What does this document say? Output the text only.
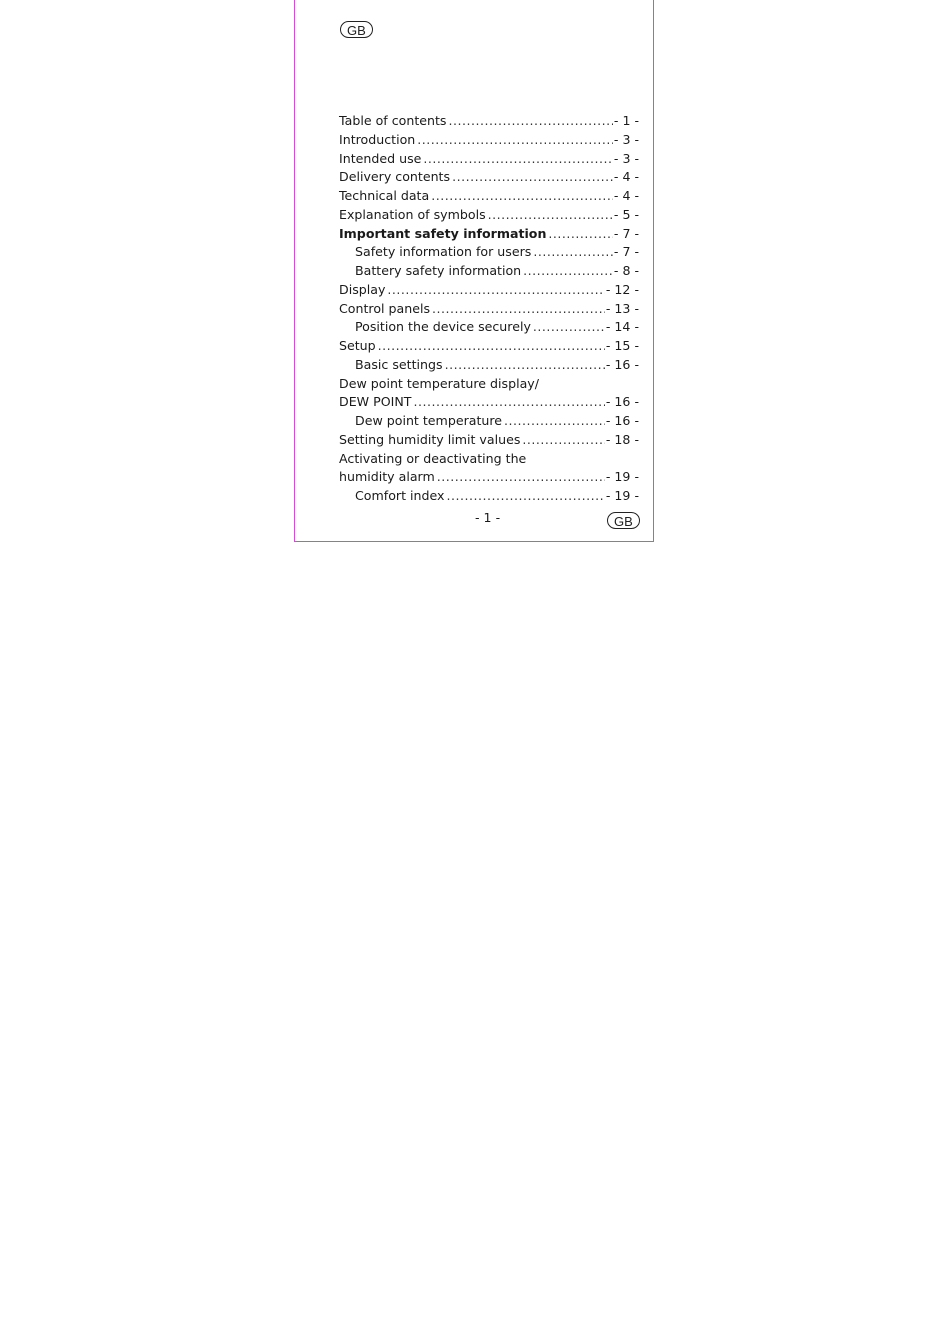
GB
Table of contents .....	- 1 -
Introduction .....	- 3 -
Intended use .....	- 3 -
Delivery contents .....	- 4 -
Technical data .....	- 4 -
Explanation of symbols .....	- 5 -
Important safety information .....	- 7 -
Safety information for users .....	- 7 -
Battery safety information .....	- 8 -
Display .....	- 12 -
Control panels .....	- 13 -
Position the device securely .....	- 14 -
Setup .....	- 15 -
Basic settings .....	- 16 -
Dew point temperature display/
DEW POINT .....	- 16 -
Dew point temperature .....	- 16 -
Setting humidity limit values .....	- 18 -
Activating or deactivating the
humidity alarm .....	- 19 -
Comfort index .....	- 19 -
- 1 -	GB
